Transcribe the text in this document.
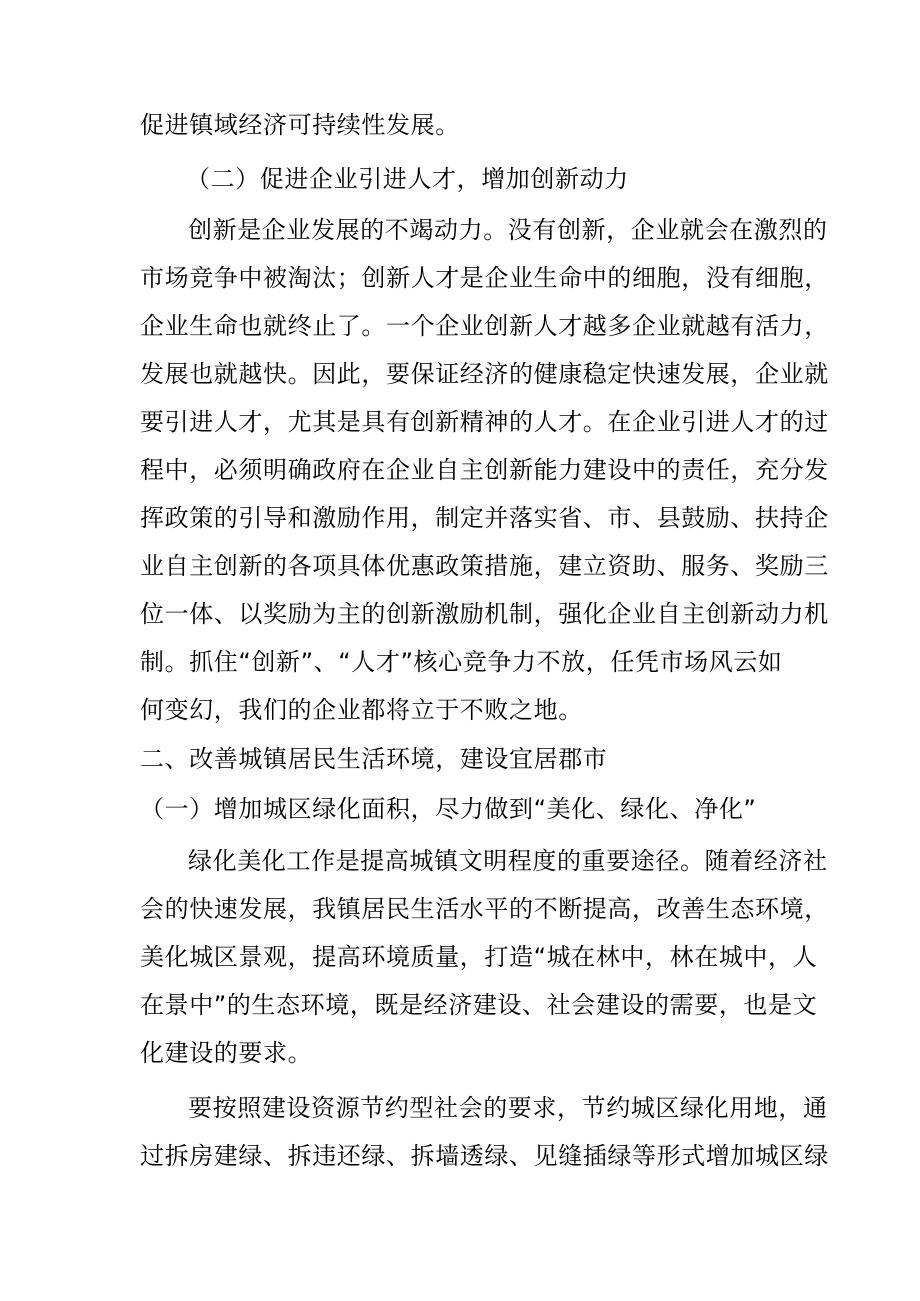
促进镇域经济可持续性发展。
（二）促进企业引进人才，增加创新动力
创新是企业发展的不竭动力。没有创新，企业就会在激烈的
市场竞争中被淘汰；创新人才是企业生命中的细胞，没有细胞，
企业生命也就终止了。一个企业创新人才越多企业就越有活力，
发展也就越快。因此，要保证经济的健康稳定快速发展，企业就
要引进人才，尤其是具有创新精神的人才。在企业引进人才的过
程中，必须明确政府在企业自主创新能力建设中的责任，充分发
挥政策的引导和激励作用，制定并落实省、市、县鼓励、扶持企
业自主创新的各项具体优惠政策措施，建立资助、服务、奖励三
位一体、以奖励为主的创新激励机制，强化企业自主创新动力机
制。抓住“创新”、“人才”核心竞争力不放，任凭市场风云如
何变幻，我们的企业都将立于不败之地。
二、改善城镇居民生活环境，建设宜居郡市
（一）增加城区绿化面积，尽力做到“美化、绿化、净化”
绿化美化工作是提高城镇文明程度的重要途径。随着经济社
会的快速发展，我镇居民生活水平的不断提高，改善生态环境，
美化城区景观，提高环境质量，打造“城在林中，林在城中，人
在景中”的生态环境，既是经济建设、社会建设的需要，也是文
化建设的要求。
要按照建设资源节约型社会的要求，节约城区绿化用地，通
过拆房建绿、拆违还绿、拆墙透绿、见缝插绿等形式增加城区绿
